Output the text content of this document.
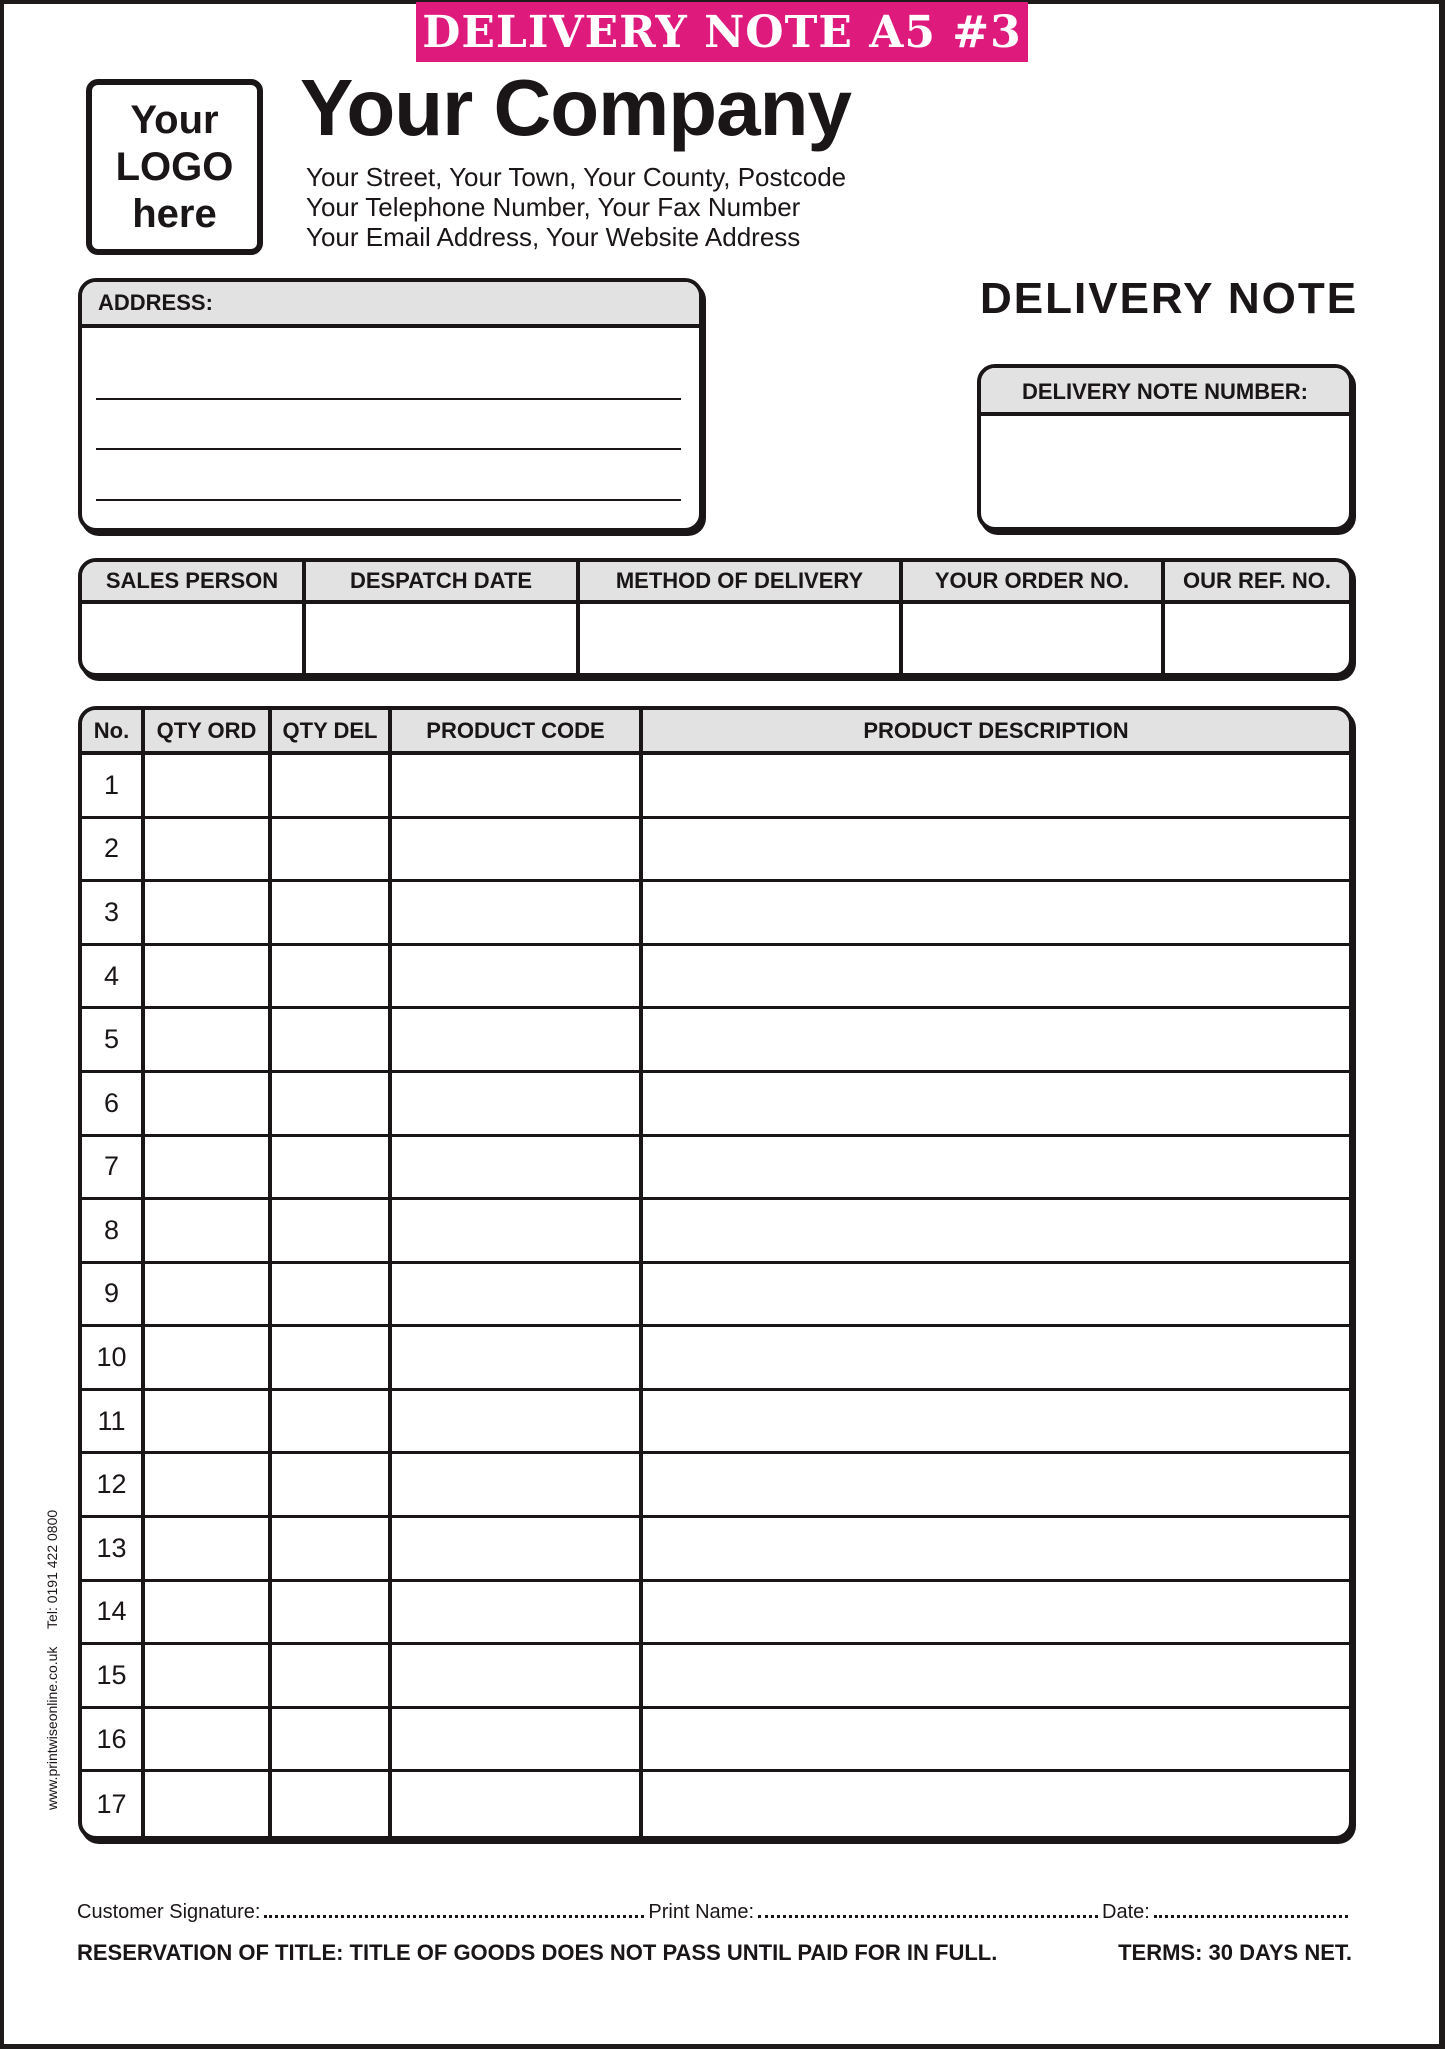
DELIVERY NOTE A5 #3
Your
LOGO
here
Your Company
Your Street, Your Town, Your County, Postcode
Your Telephone Number, Your Fax Number
Your Email Address, Your Website Address
ADDRESS:	DELIVERY NOTE
DELIVERY NOTE NUMBER:
SALES PERSON	DESPATCH DATE	METHOD OF DELIVERY	YOUR ORDER NO.	OUR REF. NO.
No.	QTY ORD	QTY DEL	PRODUCT CODE	PRODUCT DESCRIPTION
1
2
3
4
5
6
7
8
9
10
11
12
13
14
15
16
17
www.printwiseonline.co.uk Tel: 0191 422 0800
Customer Signature:	Print Name:	Date:
RESERVATION OF TITLE: TITLE OF GOODS DOES NOT PASS UNTIL PAID FOR IN FULL.	TERMS: 30 DAYS NET.
